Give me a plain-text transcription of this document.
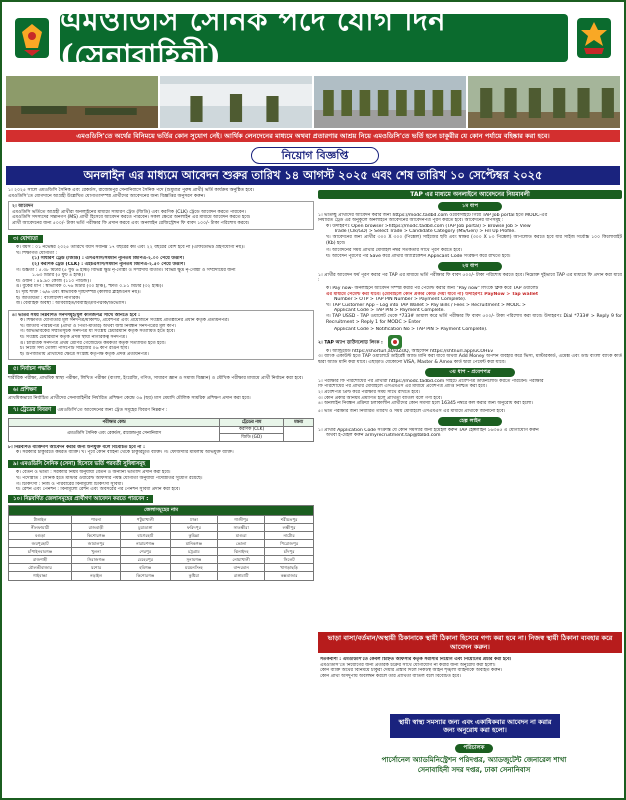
এমওডিসি সৈনিক পদে যোগ দিন (সেনাবাহিনী)
এমওডিসি'তে অর্থের বিনিময়ে ভর্তির কোন সুযোগ নেই। আর্থিক লেনদেনের মাধ্যমে অথবা প্রতারণার আশ্রয় নিয়ে এমওডিসি'তে ভর্তি হলে চাকুরীর যে কোন পর্যায়ে বহিষ্কার করা হবে।
নিয়োগ বিজ্ঞপ্তি
অনলাইন এর মাধ্যমে আবেদন শুরুর তারিখ ১৪ আগস্ট ২০২৫ এবং শেষ তারিখ ১০ সেপ্টেম্বর ২০২৫
১। ২০২৫ সালে এমওডিসি সৈনিক এবং রেকর্ডস, রাজেন্দ্রপুর সেনানিবাসে সৈনিক পদে (শুধুমাত্র পুরুষ প্রার্থী) ভর্তি কার্যক্রম অনুষ্ঠিত হবে।
এমওডিসি'তে যোগদানে আগ্রহী উল্লেখিত যোগ্যতাসম্পন্ন প্রার্থীদের আবেদনের জন্য বিজ্ঞপ্তির অনুসরণ করুন।
২। আবেদন
এমওডিসি ভর্তিতে আগ্রহী প্রার্থীরা অনলাইনের মাধ্যমে সাধারণ ট্রেড (জিডি) এবং করণিক (CLK) ট্রেডে আবেদন করতে পারবেন।
এমওডিসি সদস্যদের সন্তানগণ (MS) প্রার্থী হিসেবে আবেদন করতে পারবেন। সকল ক্ষেত্রে অনলাইন এর মাধ্যমে আবেদন করতে হবে।
প্রার্থী আবেদনের জন্য ৫০০/- টাকা ভর্তি পরীক্ষার ফি প্রদান করবে এবং অনলাইন রেজিস্ট্রেশন ফি বাবদ ১০০/- টাকা পরিশোধ করবে।
৩। যোগ্যতা
ক। বয়স : ০১ নভেম্বর ২০২৫ তারিখে বয়স সর্বনিম্ন ১৭ বছরের কম এবং ২২ বছরের বেশি হবে না (এফিডেভিট গ্রহণযোগ্য নয়)।
খ। শিক্ষাগত যোগ্যতা :
(১) সাধারণ ট্রেড (জিডি) : এসএসসি/সমমান ন্যূনতম জিপিএ-২.০০ পেয়ে উত্তীর্ণ।
(২) করণিক ট্রেড (CLK) : এইচএসসি/সমমান ন্যূনতম জিপিএ-২.৫০ পেয়ে উত্তীর্ণ।
গ। উচ্চতা : ৫.৩৮ মিটার (৫ ফুট ৬ ইঞ্চি) বিভিন্ন ক্ষুদ্র নৃ-গোষ্ঠী ও সম্প্রদায় ব্যতীত। বিভিন্ন ক্ষুদ্র নৃ-গোষ্ঠী ও সম্প্রদায়ের জন্য
১.৬৩ মিটার (৫ ফুট ৪ ইঞ্চি)।
ঘ। ওজন : ৪৯.৯০ কেজি (১১০ পাউন্ড)।
ঙ। বুকের মাপ : স্বাভাবিক ০.৭৬ মিটার (৩০ ইঞ্চি), স্ফীত ০.৮১ মিটার (৩২ ইঞ্চি)।
চ। দৃষ্টি শক্তি : ৬/৬ এবং স্বাভাবিক দৃষ্টিসম্পন্ন (কালার ব্লাইন্ডনেস নয়)।
ছ। জাতীয়তা : বাংলাদেশী নাগরিক।
জ। বৈবাহিক অবস্থা : অবিবাহিত/বিবাহিত/বিপত্নীক/ডিভোর্সি।
৪। ভর্তির সময় নিম্নবর্ণিত সনদসমূহ/মূল কাগজপত্র সাথে আনতে হবে :
ক। শিক্ষাগত যোগ্যতার মূল সনদপত্র/মার্কশিট, প্রবেশপত্র এবং প্রয়োজনে সংশ্লিষ্ট প্রতিষ্ঠানের প্রধান কর্তৃক প্রত্যয়নপত্র।
খ। জাতীয় পরিচয়পত্র (প্রার্থী ও পিতা-মাতার) অথবা জন্ম নিবন্ধন সনদপত্রের মূল কপি।
গ। অভিভাবকের সম্মতিসূচক সনদপত্র যা সংশ্লিষ্ট চেয়ারম্যান কর্তৃক সত্যায়িত হতে হবে।
ঘ। সংশ্লিষ্ট চেয়ারম্যান কর্তৃক প্রদত্ত স্থায়ী নাগরিকত্ব সনদপত্র।
ঙ। চারিত্রিক সনদপত্র প্রথম শ্রেণির গেজেটেড কর্মকর্তা কর্তৃক সত্যায়িত হতে হবে।
চ। নিজে সদ্য তোলা পাসপোর্ট সাইজের ০৬ কপি রঙিন ছবি।
ছ। উপজাতীয় প্রার্থীদের ক্ষেত্রে সংশ্লিষ্ট কর্তৃপক্ষ কর্তৃক প্রদত্ত প্রত্যয়নপত্র।
৫। নির্বাচন পদ্ধতি
শারীরিক পরীক্ষা, প্রাথমিক স্বাস্থ্য পরীক্ষা, লিখিত পরীক্ষা (বাংলা, ইংরেজি, গণিত, সাধারণ জ্ঞান ও সমাজ বিজ্ঞান) ও মৌখিক পরীক্ষার মাধ্যমে প্রার্থী নির্বাচন করা হবে।
৬। প্রশিক্ষণ
প্রাথমিকভাবে নির্বাচিত প্রার্থীদের সেনাবাহিনীর নির্ধারিত প্রশিক্ষণ কেন্দ্রে ০৬ (ছয়) মাস মেয়াদি মৌলিক সামরিক প্রশিক্ষণ প্রদান করা হবে।
৭। ট্রেডের বিবরণ এমওডিসি'তে আবেদনের জন্য ট্রেড সমূহের বিবরণ নিম্নরূপ :
পরীক্ষার কেন্দ্র	ট্রেডের নাম	মন্তব্য
এমওডিসি সৈনিক এবং রেকর্ডস, রাজেন্দ্রপুর সেনানিবাস	করণিক (CLK)	
	জিডি (GD)	
৮। নিম্নবর্ণিত ব্যক্তিগণ আবেদন করার জন্য উপযুক্ত বলে বিবেচিত হবে না :
ক। সরকারি চাকুরিতে কর্মরত ব্যক্তি। খ। পূর্বে কোন বাহিনী থেকে চাকুরিচ্যুত ব্যক্তি। গ। ফৌজদারি মামলায় অভিযুক্ত ব্যক্তি।
৯। এমওডিসি সৈনিক (সেনা) হিসেবে ভর্তি পরবর্তী সুবিধাসমূহ
ক। বেতন ও ভাতা : সরকারি নিয়ম অনুযায়ী বেতন ও অন্যান্য ভাতাদি প্রদান করা হবে।
খ। পদোন্নতি : সৈনিক হতে মাস্টার ওয়ারেন্ট অফিসার পর্যন্ত যোগ্যতা অনুযায়ী পদোন্নতির সুযোগ রয়েছে।
গ। চিকিৎসা : নিজ ও পরিবারের বিনামূল্যে চিকিৎসা সুবিধা।
ঘ। রেশন এবং পেনশন : বিনামূল্যে রেশন এবং অবসরের পর পেনশন সুবিধা প্রদান করা হবে।
১০। নিম্নবর্ণিত জেলাসমূহের প্রার্থীগণ আবেদন করতে পারবেন :
জেলাসমূহের নাম					
টাঙ্গাইল	পাবনা	পটুয়াখালী	ঢাকা	গাজীপুর	শরীয়তপুর
নীলফামারী	রাজবাড়ী	চুয়াডাঙ্গা	ফরিদপুর	সাতক্ষীরা	লক্ষীপুর
বগুড়া	কিশোরগঞ্জ	বাগেরহাট	কুমিল্লা	মাগুরা	নাটোর
জয়পুরহাট	জামালপুর	নারায়ণগঞ্জ	মানিকগঞ্জ	ভোলা	পিরোজপুর
চাঁপাইনবাবগঞ্জ	খুলনা	শেরপুর	চট্টগ্রাম	ঝিনাইদহ	চাঁদপুর
রাজশাহী	সিরাজগঞ্জ	মেহেরপুর	সুনামগঞ্জ	নোয়াখালী	সিলেট
মৌলভীবাজার	যশোর	হবিগঞ্জ	ময়মনসিংহ	বান্দরবান	খাগড়াছড়ি
গাইবান্ধা	নড়াইল	কিশোরগঞ্জ	কুষ্টিয়া	রাঙ্গামাটি	কক্সবাজার
TAP এর মাধ্যমে অনলাইনে আবেদনের নিয়মাবলী
১ম ধাপ
১। ভর্তিচ্ছু প্রার্থীদের আবেদন করার জন্য https://modc.tadbd.com ওয়েবসাইটে গিয়ে TAP Job portal হতে MODC-এর
নির্ধারিত ট্রেড এর অনুকূলে অনলাইনে আবেদনের আবেদনপত্র পূরণ করতে হবে। আবেদনের ধাপসমূহ :
ক। উদাহরণঃ Open browser >https://modc.tadbd.com (TAP Job portal) > Browse Job > View
Trade (Clk/GD) > Select Trade > Candidate Category (MS/Gen) > Fill Up Profile.
খ। আবেদনের জন্য প্রার্থীর ৩০০ X ৩০০ (পিক্সেল) সাইজের ছবি এবং স্বাক্ষর (৩০০ X ৮০ পিক্সেল) আপলোড করতে হবে যার সাইজ সর্বোচ্চ ১০০ কিলোবাইট (Kb) হবে।
গ। আবেদনের সময় প্রার্থীর মোবাইল নম্বর সতর্কতার সাথে পূরণ করতে হবে।
ঘ। আবেদন পূরণের পর Save করে প্রার্থীর অ্যাপ্লিকেশন Applicant Code সংরক্ষণ করে রাখতে হবে।
২য় ধাপ
১। প্রার্থীর আবেদন ফর্ম পূরণ করার পর TAP এর মাধ্যমে ভর্তি পরীক্ষার ফি বাবদ ৫০০/- টাকা পরিশোধ করতে হবে। নিম্নোক্ত দুইভাবে TAP এর মাধ্যমে ফি প্রদান করা যাবে :
ক। Pay now- অনলাইনে আবেদন সম্পন্ন করার পর পেমেন্ট করার জন্য "Pay now" লিংকে ক্লিক করে TAP ওয়ালেট
এর মাধ্যমে পেমেন্ট করা যাবে। (মোবাইলে কোন প্রকার কোড দেয়া যাবে না) উদাহরণঃ PayNow > Tap wallet
Number > OTP > TAP PIN Number > Payment Complete).
খ। TAP Customer App – Log into TAP Wallet > Pay Bills / Fees > Recruitment > MODC >
Applicant Code > TAP PIN > Payment Complete.
গ। TAP USSD - TAP ওয়ালেট থেকে *733# ডায়াল করে ভর্তি পরীক্ষার ফি বাবদ ৫০০/- টাকা পরিশোধ করা যাবে। উদাহরণঃ Dial *733# > Reply 9 for Recruitment > Reply 1 for MODC > Enter
Applicant Code > Notification No > TAP PIN > Payment Complete).
২। TAP অ্যাপ ডাউনলোড লিংক :
ক। অ্যান্ড্রয়েড https://shorturl.at/i0ZslQ, আইফোন https://shtnurl.app/uCOHEv
৩। ব্যাংক একাউন্ট হতে TAP ওয়ালেটে ডাইরেক্ট অ্যাড মানি করা যাবে অথবা Add Money অপশন ব্যবহার করে ভিসা, মাস্টারকার্ড, এমেক্স এবং ডাচ বাংলা ব্যাংক কার্ড দ্বারা অ্যাড মানি করা যাবে। এছাড়াও যেকোনো VISA, Master & Amex কার্ড দ্বারা পেমেন্ট করা যাবে।
৩য় ধাপ - প্রবেশপত্র
১। পরীক্ষার ফি পরিশোধের পর প্রার্থীরা https://modc.tadbd.com সাইটে প্রবেশপত্র ডাউনলোড করতে পারবেন। পরীক্ষার
ফি পরিশোধের পর প্রার্থীর মোবাইলে এসএমএস এর মাধ্যমে প্রবেশপত্র প্রাপ্তি নিশ্চিত করা হবে।
২। প্রবেশপত্র প্রিন্ট করে পরীক্ষার সময় সাথে রাখতে হবে।
৩। কোন প্রকার অনিয়ম প্রমাণিত হলে প্রার্থিতা বাতিল বলে গণ্য হবে।
৪। অনলাইন নিবন্ধন প্রক্রিয়া চলাকালীন প্রার্থীদের কোন সমস্যা হলে 16345 নম্বরে কল করার জন্য অনুরোধ করা হলো।
৫। ভর্তি পরীক্ষার জন্য নির্ধারিত তারিখ ও সময় মোবাইলে এসএমএস এর মাধ্যমে প্রার্থীকে জানানো হবে।
হেল্প লাইন
১। প্রার্থীর Application Code সংক্রান্ত যে কোন সমস্যার জন্য ইমেইল করুন TAP হেল্পলাইন ১৬৩৪৫ এ যোগাযোগ করুন
অথবা ই-মেইল করুন armyrecruitment.tap@tblbd.com
ভাড়া বাসা/বর্তমান/অস্থায়ী ঠিকানাকে স্থায়ী ঠিকানা হিসেবে গণ্য করা হবে না। নিজস্ব স্থায়ী ঠিকানা ব্যবহার করে আবেদন করুন।
সতর্কবাণী : এমওডিসি'তে কেবল চিহ্নিত অফিসার কর্তৃক সরাসরি নিয়োগ এবং নিয়োগের প্রচার করা হবে।
এমওডিসি'তে নিয়োগের জন্য প্রতারক চক্রের সাথে যোগাযোগ না করার জন্য অনুরোধ করা হলো।
কোন ব্যক্তি অর্থের বিনিময়ে চাকুরী দেয়ার প্রস্তাব দিলে নিকটস্থ আইন শৃঙ্খলা বাহিনীকে অবহিত করুন।
কোন প্রার্থী অসদুপায় অবলম্বন করলে তার প্রার্থিতা বাতিল বলে বিবেচিত হবে।
স্থায়ী স্বাস্থ্য সমস্যার জন্য এবং একাধিকবার আবেদন না করার জন্য অনুরোধ করা হলো।
পরিচালক
পার্সোনেল অ্যাডমিনিস্ট্রেশন পরিদপ্তর, অ্যাডজুটেন্ট জেনারেল শাখা
সেনাবাহিনী সদর দপ্তর, ঢাকা সেনানিবাস
